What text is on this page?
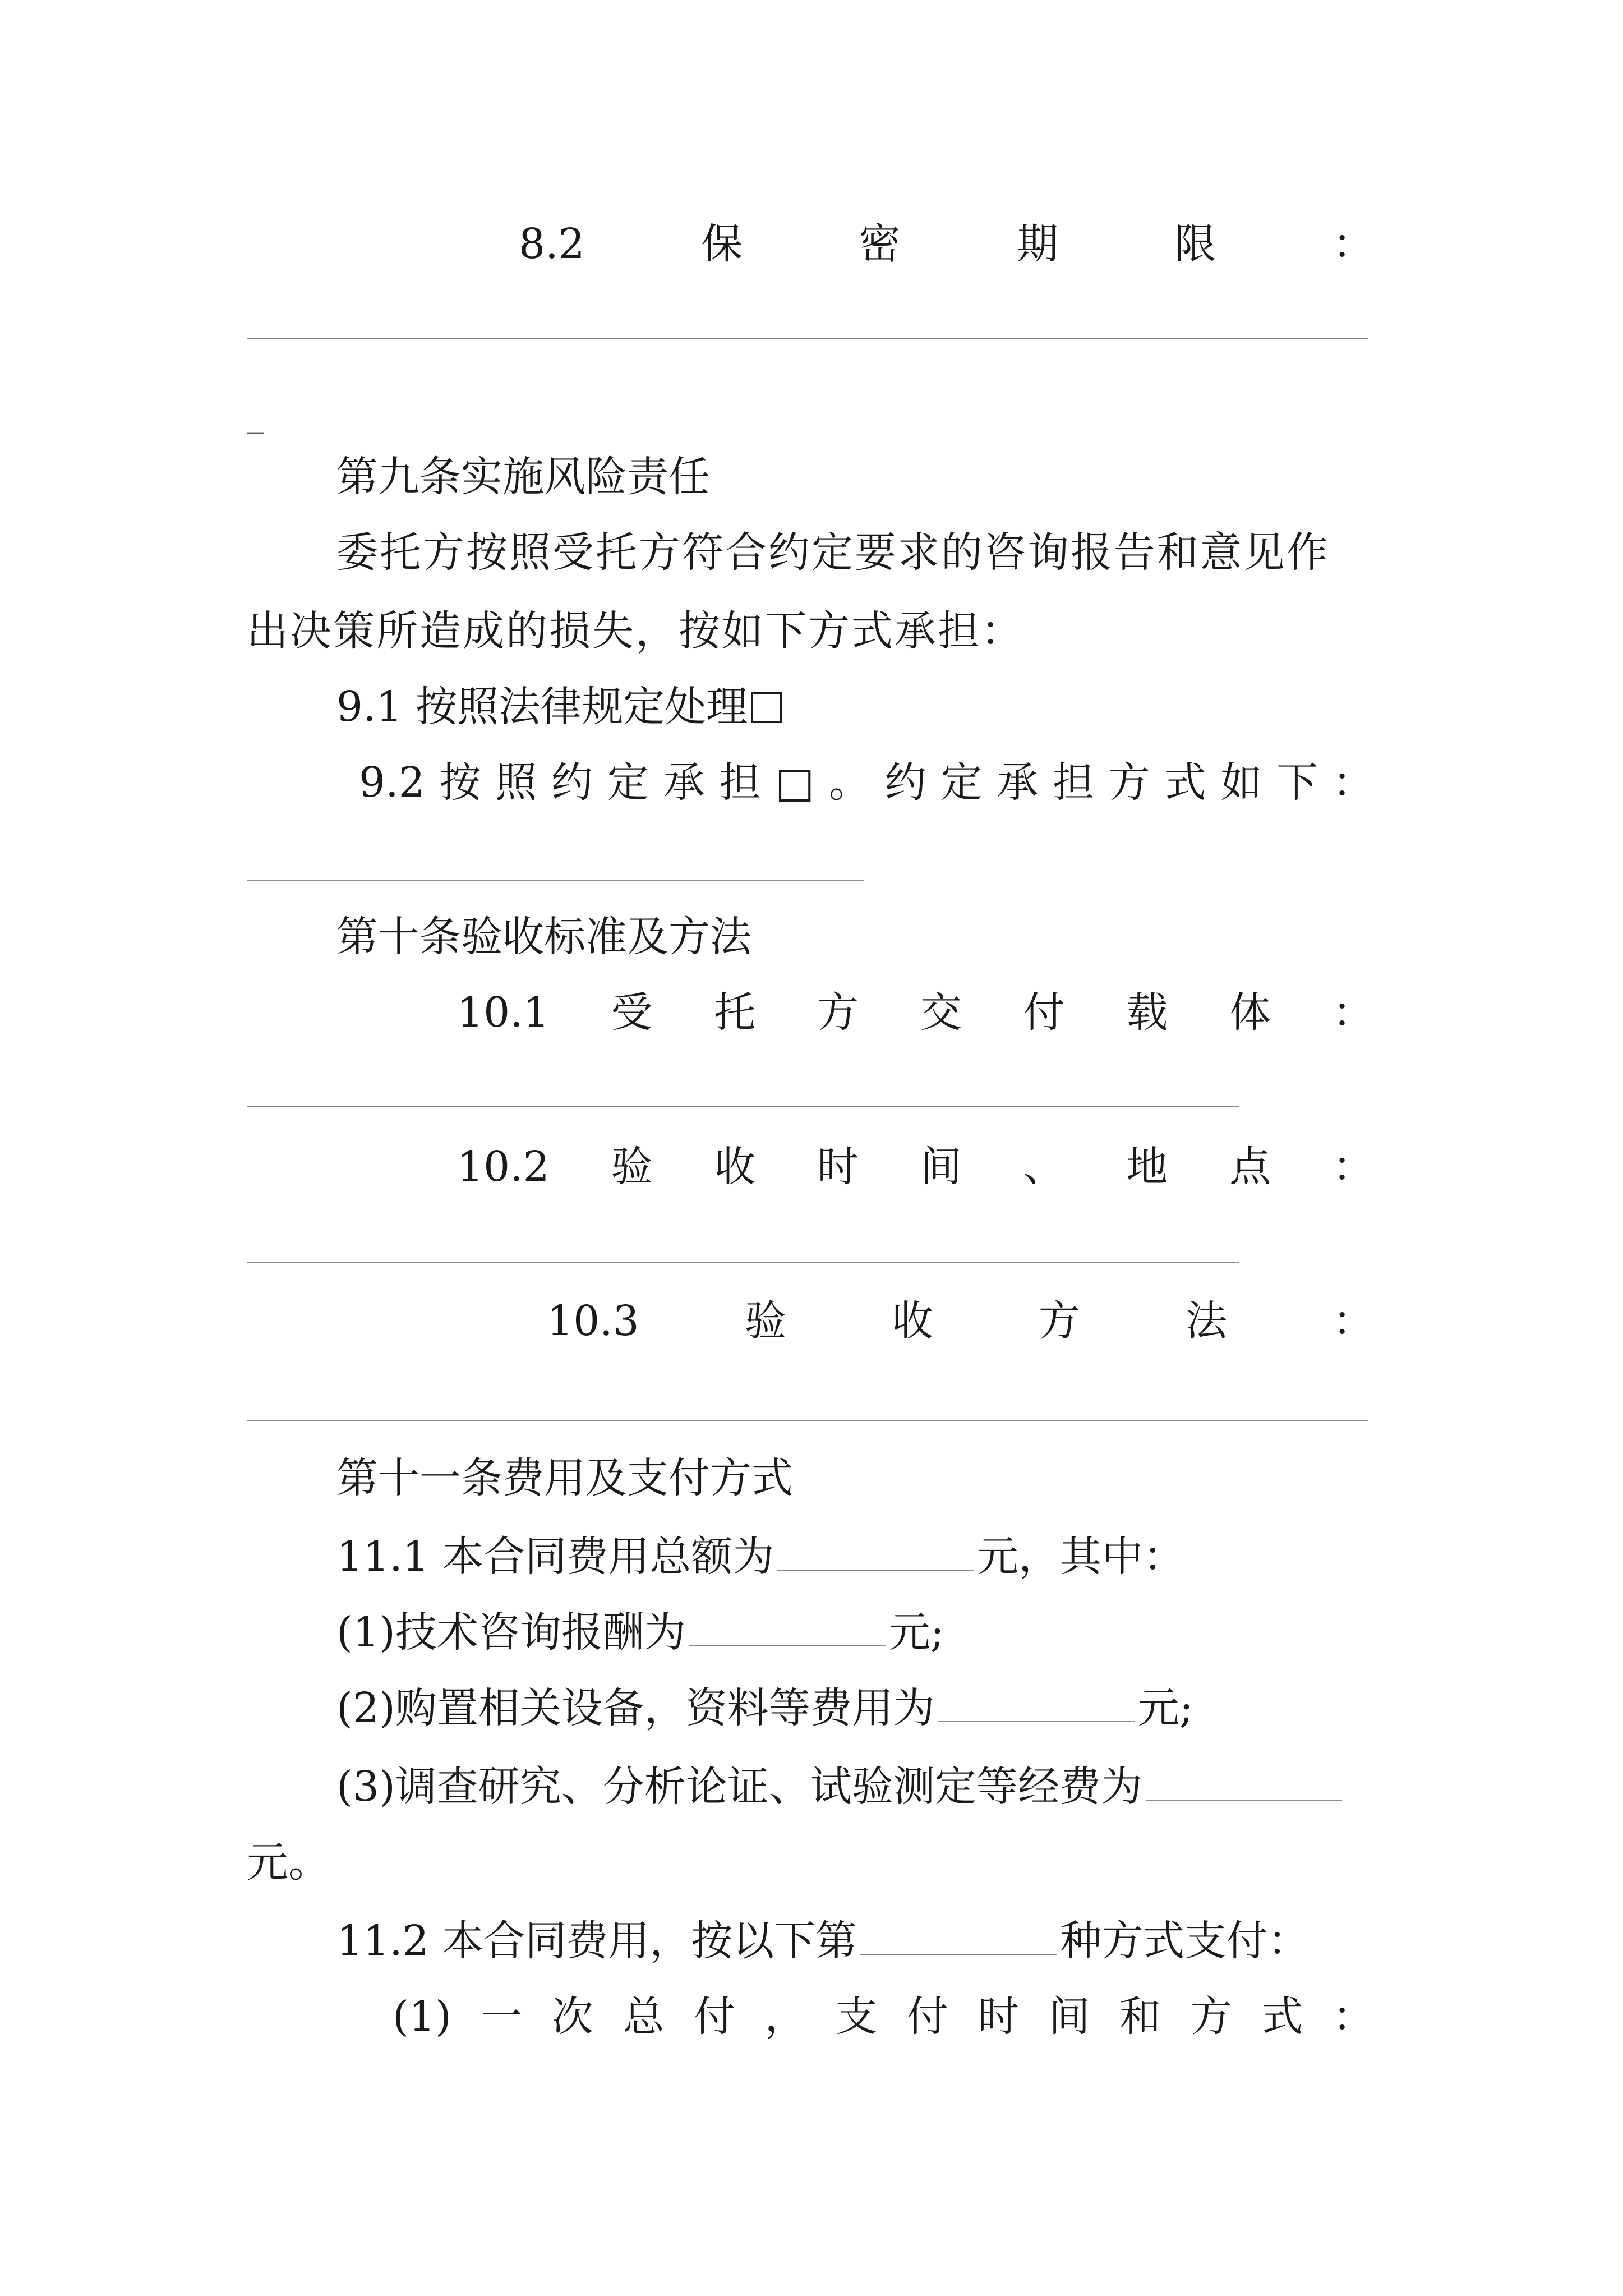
8.2	保	密	期	限	：
_
第九条实施风险责任
委托方按照受托方符合约定要求的咨询报告和意见作
出决策所造成的损失，按如下方式承担：
9.1 按照法律规定处理
9.2 按 照 约 定 承 担 □ 。 约 定 承 担 方 式 如 下 ：
第十条验收标准及方法
10.1 受 托 方 交 付 载 体 ：
10.2 验 收 时 间 、 地 点 ：
10.3	验	收	方	法	：
第十一条费用及支付方式
11.1 本合同费用总额为	元，其中：
(1)技术咨询报酬为	元;
(2)购置相关设备，资料等费用为	元;
(3)调查研究、分析论证、试验测定等经费为
元。
11.2 本合同费用，按以下第	种方式支付：
(1) 一 次 总 付 ， 支 付 时 间 和 方 式 ：
